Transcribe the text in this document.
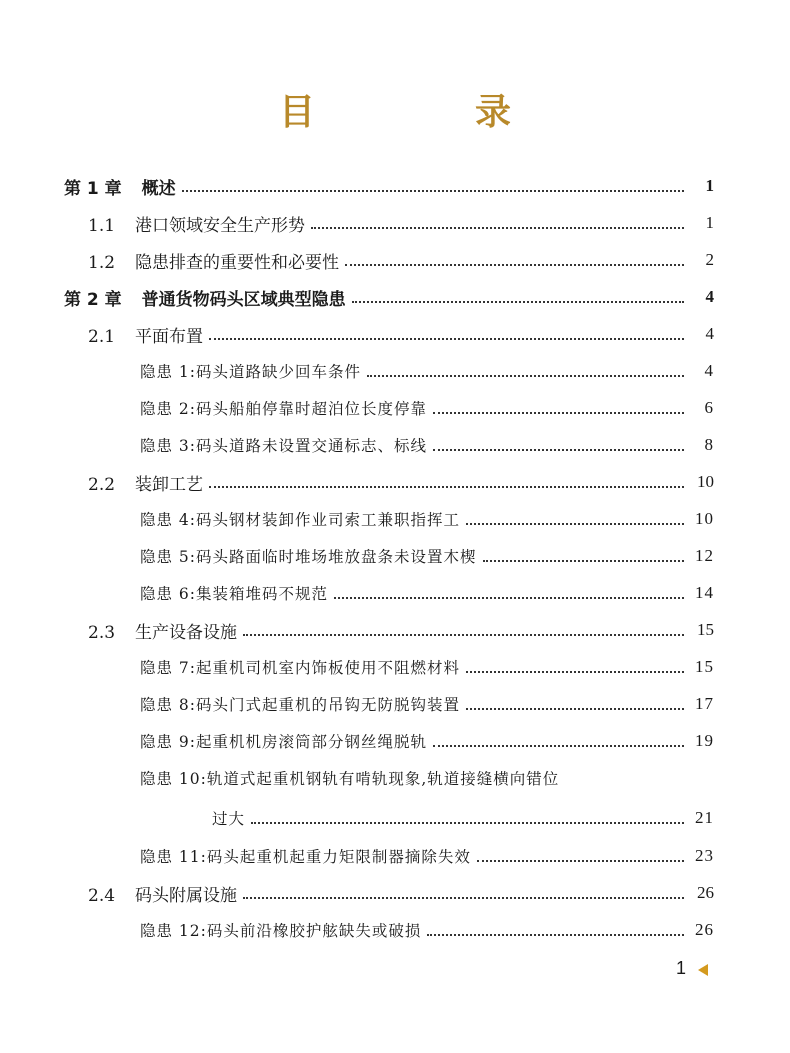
目　录
第 1 章 概述	1
1.1 港口领域安全生产形势	1
1.2 隐患排查的重要性和必要性	2
第 2 章 普通货物码头区域典型隐患	4
2.1 平面布置	4
隐患 1:码头道路缺少回车条件	4
隐患 2:码头船舶停靠时超泊位长度停靠	6
隐患 3:码头道路未设置交通标志、标线	8
2.2 装卸工艺	10
隐患 4:码头钢材装卸作业司索工兼职指挥工	10
隐患 5:码头路面临时堆场堆放盘条未设置木楔	12
隐患 6:集装箱堆码不规范	14
2.3 生产设备设施	15
隐患 7:起重机司机室内饰板使用不阻燃材料	15
隐患 8:码头门式起重机的吊钩无防脱钩装置	17
隐患 9:起重机机房滚筒部分钢丝绳脱轨	19
隐患 10:轨道式起重机钢轨有啃轨现象,轨道接缝横向错位
过大	21
隐患 11:码头起重机起重力矩限制器摘除失效	23
2.4 码头附属设施	26
隐患 12:码头前沿橡胶护舷缺失或破损	26
1
